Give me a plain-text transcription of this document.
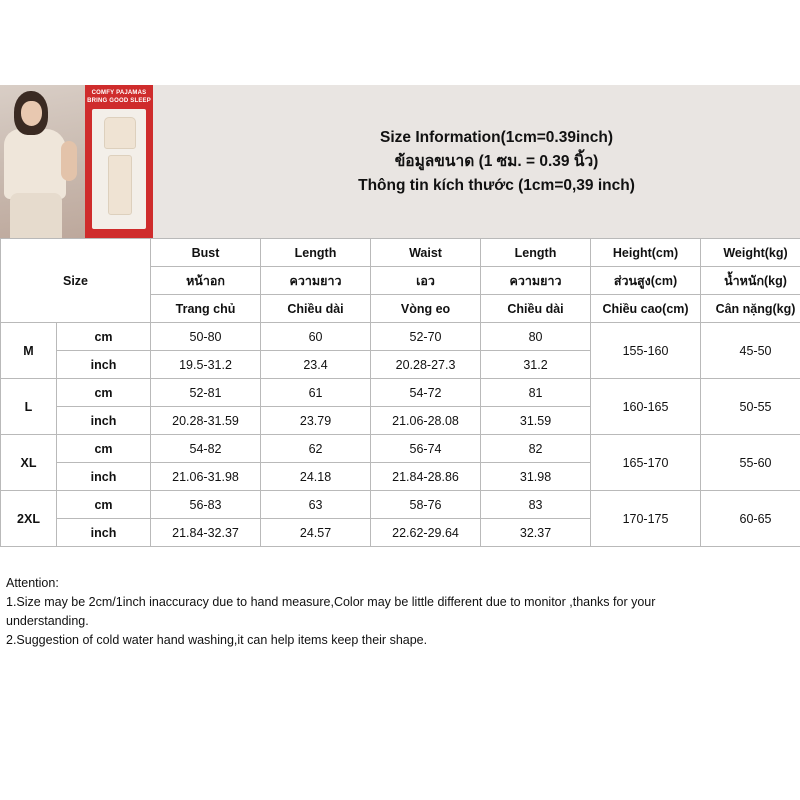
COMFY PAJAMAS BRING GOOD SLEEP
Size Information(1cm=0.39inch)
ข้อมูลขนาด (1 ซม. = 0.39 นิ้ว)
Thông tin kích thước (1cm=0,39 inch)
Size		Bust	Length	Waist	Length	Height(cm)	Weight(kg)
		หน้าอก	ความยาว	เอว	ความยาว	ส่วนสูง(cm)	น้ำหนัก(kg)
		Trang chủ	Chiều dài	Vòng eo	Chiều dài	Chiều cao(cm)	Cân nặng(kg)
M	cm	50-80	60	52-70	80	155-160	45-50
	inch	19.5-31.2	23.4	20.28-27.3	31.2		
L	cm	52-81	61	54-72	81	160-165	50-55
	inch	20.28-31.59	23.79	21.06-28.08	31.59		
XL	cm	54-82	62	56-74	82	165-170	55-60
	inch	21.06-31.98	24.18	21.84-28.86	31.98		
2XL	cm	56-83	63	58-76	83	170-175	60-65
	inch	21.84-32.37	24.57	22.62-29.64	32.37		

Attention:

1.Size may be 2cm/1inch inaccuracy due to hand measure,Color may be little different due to monitor ,thanks for your

understanding.

2.Suggestion of cold water hand washing,it can help items keep their shape.
